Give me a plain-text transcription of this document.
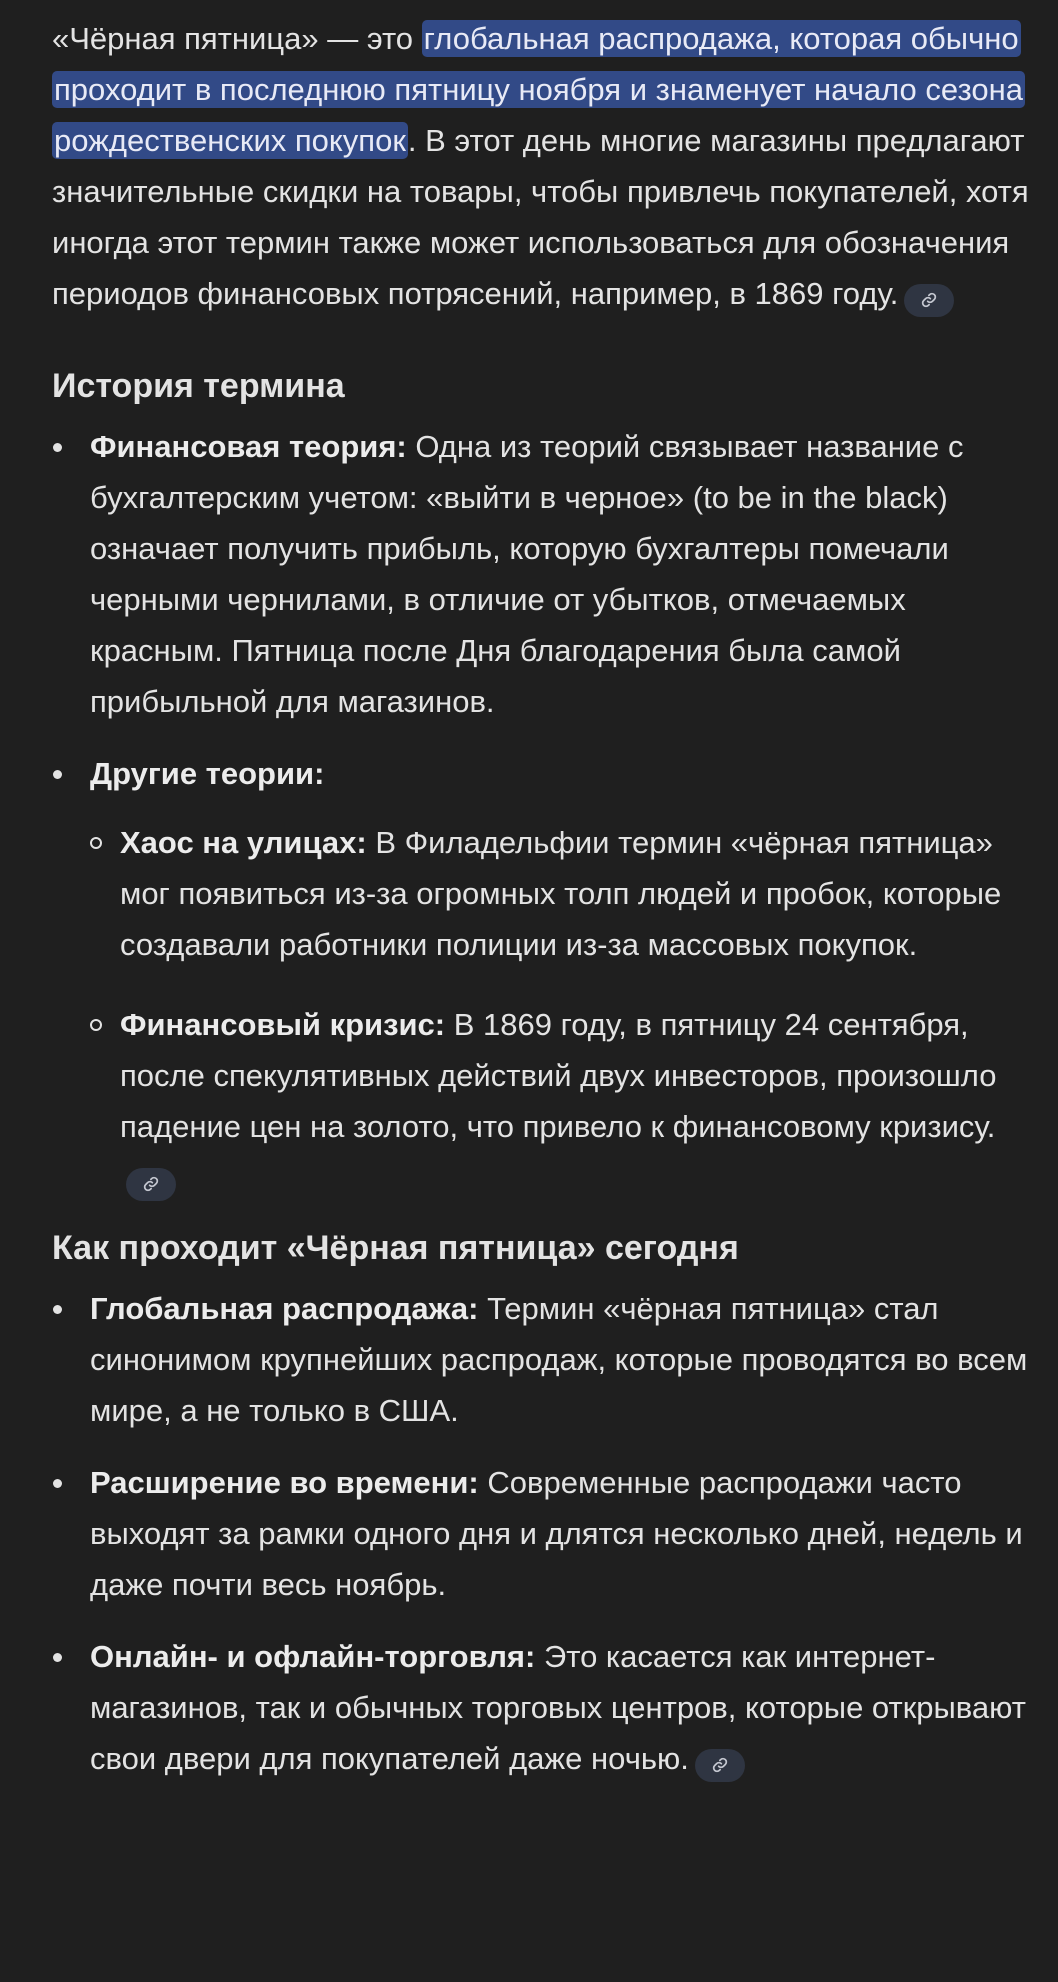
«Чёрная пятница» — это глобальная распродажа, которая обычно проходит в последнюю пятницу ноября и знаменует начало сезона рождественских покупок. В этот день многие магазины предлагают значительные скидки на товары, чтобы привлечь покупателей, хотя иногда этот термин также может использоваться для обозначения периодов финансовых потрясений, например, в 1869 году.

История термина
Финансовая теория: Одна из теорий связывает название с бухгалтерским учетом: «выйти в черное» (to be in the black) означает получить прибыль, которую бухгалтеры помечали черными чернилами, в отличие от убытков, отмечаемых красным. Пятница после Дня благодарения была самой прибыльной для магазинов.
Другие теории:
Хаос на улицах: В Филадельфии термин «чёрная пятница» мог появиться из-за огромных толп людей и пробок, которые создавали работники полиции из-за массовых покупок.
Финансовый кризис: В 1869 году, в пятницу 24 сентября, после спекулятивных действий двух инвесторов, произошло падение цен на золото, что привело к финансовому кризису.
Как проходит «Чёрная пятница» сегодня
Глобальная распродажа: Термин «чёрная пятница» стал синонимом крупнейших распродаж, которые проводятся во всем мире, а не только в США.
Расширение во времени: Современные распродажи часто выходят за рамки одного дня и длятся несколько дней, недель и даже почти весь ноябрь.
Онлайн- и офлайн-торговля: Это касается как интернет-магазинов, так и обычных торговых центров, которые открывают свои двери для покупателей даже ночью.
